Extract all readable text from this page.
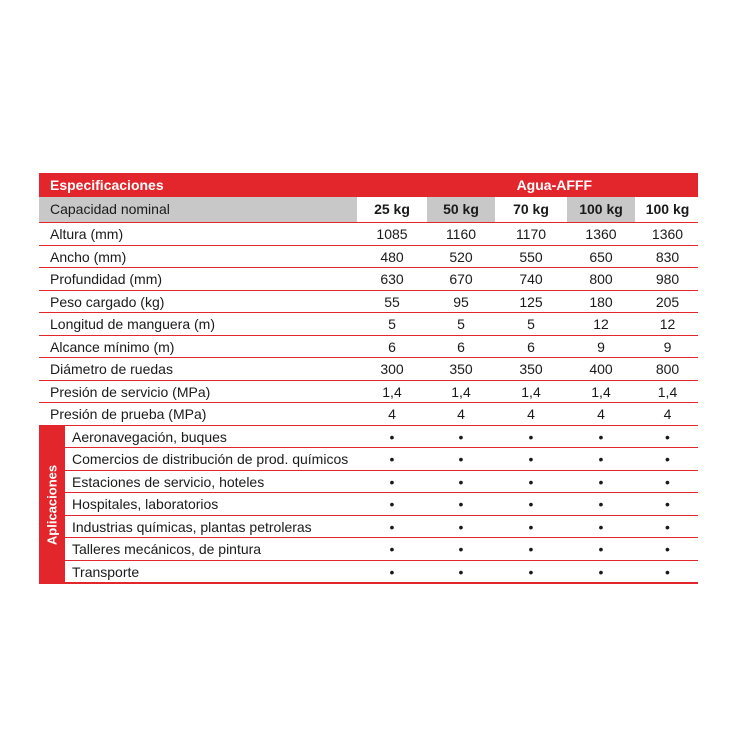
Especificaciones	Agua-AFFF
Capacidad nominal	25 kg	50 kg	70 kg	100 kg	100 kg
Altura (mm)	1085	1160	1170	1360	1360
Ancho (mm)	480	520	550	650	830
Profundidad (mm)	630	670	740	800	980
Peso cargado (kg)	55	95	125	180	205
Longitud de manguera (m)	5	5	5	12	12
Alcance mínimo (m)	6	6	6	9	9
Diámetro de ruedas	300	350	350	400	800
Presión de servicio (MPa)	1,4	1,4	1,4	1,4	1,4
Presión de prueba (MPa)	4	4	4	4	4
Aplicaciones
Aeronavegación, buques	•	•	•	•	•
Comercios de distribución de prod. químicos	•	•	•	•	•
Estaciones de servicio, hoteles	•	•	•	•	•
Hospitales, laboratorios	•	•	•	•	•
Industrias químicas, plantas petroleras	•	•	•	•	•
Talleres mecánicos, de pintura	•	•	•	•	•
Transporte	•	•	•	•	•
